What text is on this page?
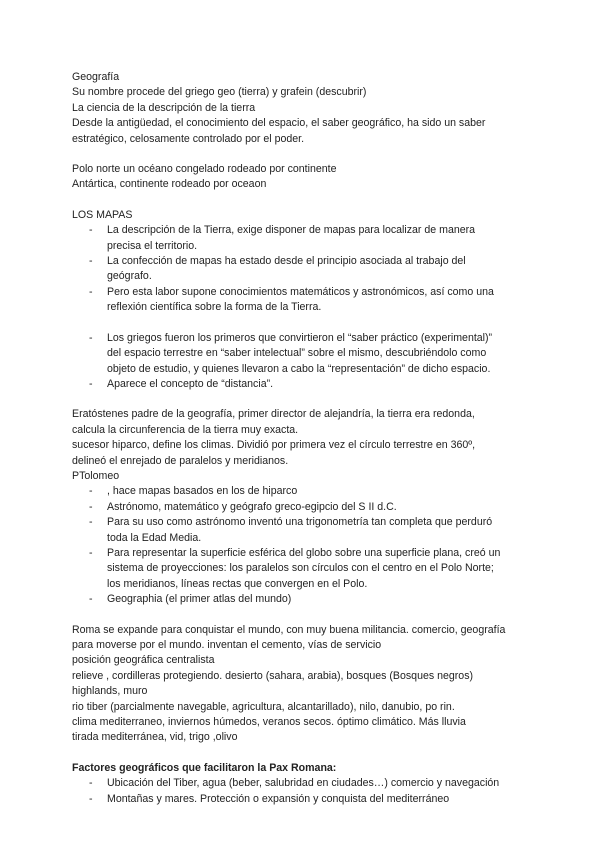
Geografía
Su nombre procede del griego geo (tierra) y grafein (descubrir)
La ciencia de la descripción de la tierra
Desde la antigüedad, el conocimiento del espacio, el saber geográfico, ha sido un saber
estratégico, celosamente controlado por el poder.
Polo norte un océano congelado rodeado por continente
Antártica, continente rodeado por oceaon
LOS MAPAS
- La descripción de la Tierra, exige disponer de mapas para localizar de manera
precisa el territorio.
- La confección de mapas ha estado desde el principio asociada al trabajo del
geógrafo.
- Pero esta labor supone conocimientos matemáticos y astronómicos, así como una
reflexión científica sobre la forma de la Tierra.
- Los griegos fueron los primeros que convirtieron el “saber práctico (experimental)”
del espacio terrestre en “saber intelectual” sobre el mismo, descubriéndolo como
objeto de estudio, y quienes llevaron a cabo la “representación” de dicho espacio.
- Aparece el concepto de “distancia”.
Eratóstenes padre de la geografía, primer director de alejandría, la tierra era redonda,
calcula la circunferencia de la tierra muy exacta.
sucesor hiparco, define los climas. Dividió por primera vez el círculo terrestre en 360º,
delineó el enrejado de paralelos y meridianos.
PTolomeo
- , hace mapas basados en los de hiparco
- Astrónomo, matemático y geógrafo greco-egipcio del S II d.C.
- Para su uso como astrónomo inventó una trigonometría tan completa que perduró
toda la Edad Media.
- Para representar la superficie esférica del globo sobre una superficie plana, creó un
sistema de proyecciones: los paralelos son círculos con el centro en el Polo Norte;
los meridianos, líneas rectas que convergen en el Polo.
- Geographia (el primer atlas del mundo)
Roma se expande para conquistar el mundo, con muy buena militancia. comercio, geografía
para moverse por el mundo. inventan el cemento, vías de servicio
posición geográfica centralista
relieve , cordilleras protegiendo. desierto (sahara, arabia), bosques (Bosques negros)
highlands, muro
rio tiber (parcialmente navegable, agricultura, alcantarillado), nilo, danubio, po rin.
clima mediterraneo, inviernos húmedos, veranos secos. óptimo climático. Más lluvia
tirada mediterránea, vid, trigo ,olivo
Factores geográficos que facilitaron la Pax Romana:
- Ubicación del Tiber, agua (beber, salubridad en ciudades…) comercio y navegación
- Montañas y mares. Protección o expansión y conquista del mediterráneo
